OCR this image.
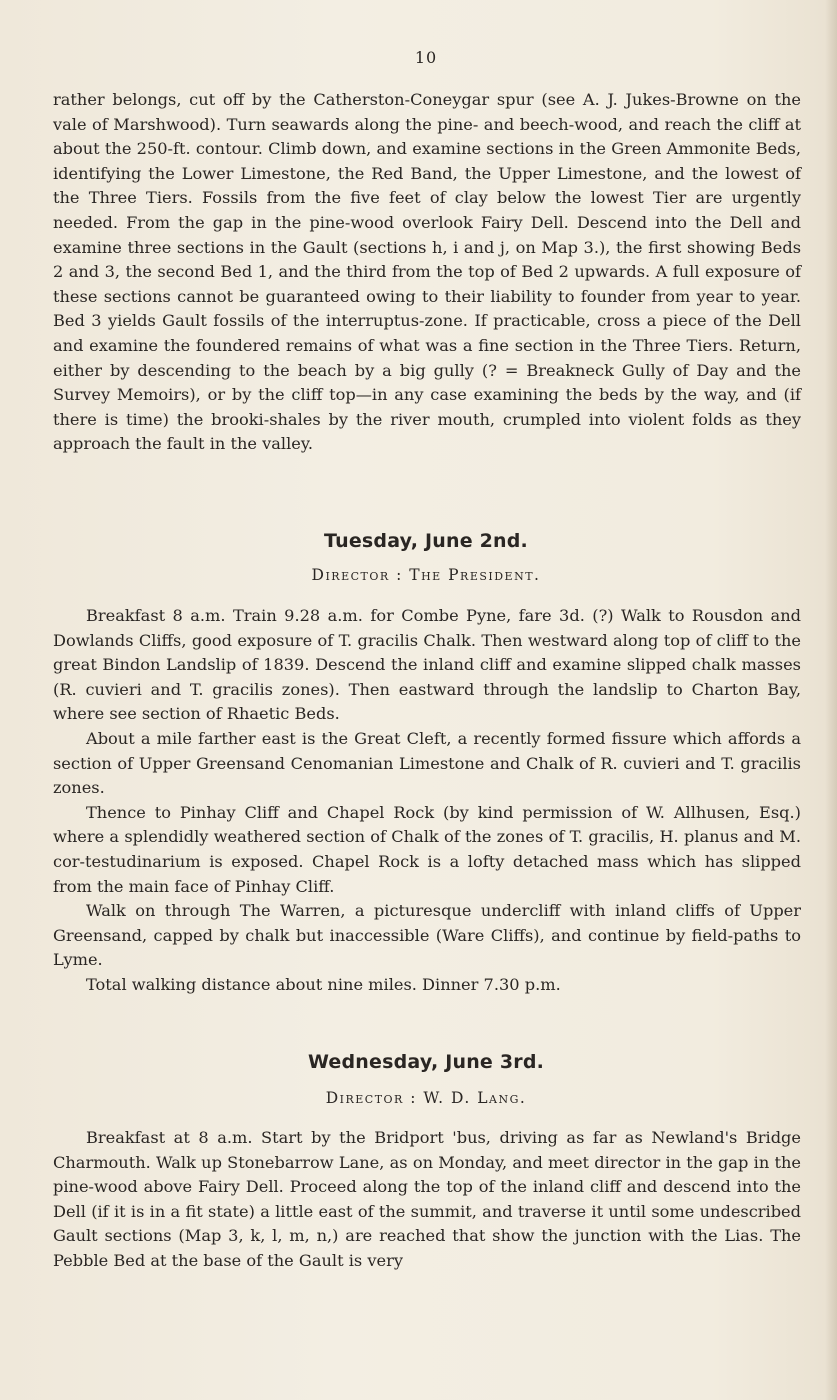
10

rather belongs, cut off by the Catherston-Coneygar spur (see A. J. Jukes-Browne on the vale of Marshwood). Turn seawards along the pine- and beech-wood, and reach the cliff at about the 250-ft. contour. Climb down, and examine sections in the Green Ammonite Beds, identifying the Lower Limestone, the Red Band, the Upper Limestone, and the lowest of the Three Tiers. Fossils from the five feet of clay below the lowest Tier are urgently needed. From the gap in the pine-wood overlook Fairy Dell. Descend into the Dell and examine three sections in the Gault (sections h, i and j, on Map 3.), the first showing Beds 2 and 3, the second Bed 1, and the third from the top of Bed 2 upwards. A full exposure of these sections cannot be guaranteed owing to their liability to founder from year to year. Bed 3 yields Gault fossils of the interruptus-zone. If practicable, cross a piece of the Dell and examine the foundered remains of what was a fine section in the Three Tiers. Return, either by descending to the beach by a big gully (? = Breakneck Gully of Day and the Survey Memoirs), or by the cliff top—in any case examining the beds by the way, and (if there is time) the brooki-shales by the river mouth, crumpled into violent folds as they approach the fault in the valley.

Tuesday, June 2nd.
Director : The President.

Breakfast 8 a.m. Train 9.28 a.m. for Combe Pyne, fare 3d. (?) Walk to Rousdon and Dowlands Cliffs, good exposure of T. gracilis Chalk. Then westward along top of cliff to the great Bindon Landslip of 1839. Descend the inland cliff and examine slipped chalk masses (R. cuvieri and T. gracilis zones). Then eastward through the landslip to Charton Bay, where see section of Rhaetic Beds.

About a mile farther east is the Great Cleft, a recently formed fissure which affords a section of Upper Greensand Cenomanian Limestone and Chalk of R. cuvieri and T. gracilis zones.

Thence to Pinhay Cliff and Chapel Rock (by kind permission of W. Allhusen, Esq.) where a splendidly weathered section of Chalk of the zones of T. gracilis, H. planus and M. cor-testudinarium is exposed. Chapel Rock is a lofty detached mass which has slipped from the main face of Pinhay Cliff.

Walk on through The Warren, a picturesque undercliff with inland cliffs of Upper Greensand, capped by chalk but inaccessible (Ware Cliffs), and continue by field-paths to Lyme.

Total walking distance about nine miles. Dinner 7.30 p.m.

Wednesday, June 3rd.
Director : W. D. Lang.

Breakfast at 8 a.m. Start by the Bridport 'bus, driving as far as Newland's Bridge Charmouth. Walk up Stonebarrow Lane, as on Monday, and meet director in the gap in the pine-wood above Fairy Dell. Proceed along the top of the inland cliff and descend into the Dell (if it is in a fit state) a little east of the summit, and traverse it until some undescribed Gault sections (Map 3, k, l, m, n,) are reached that show the junction with the Lias. The Pebble Bed at the base of the Gault is very
